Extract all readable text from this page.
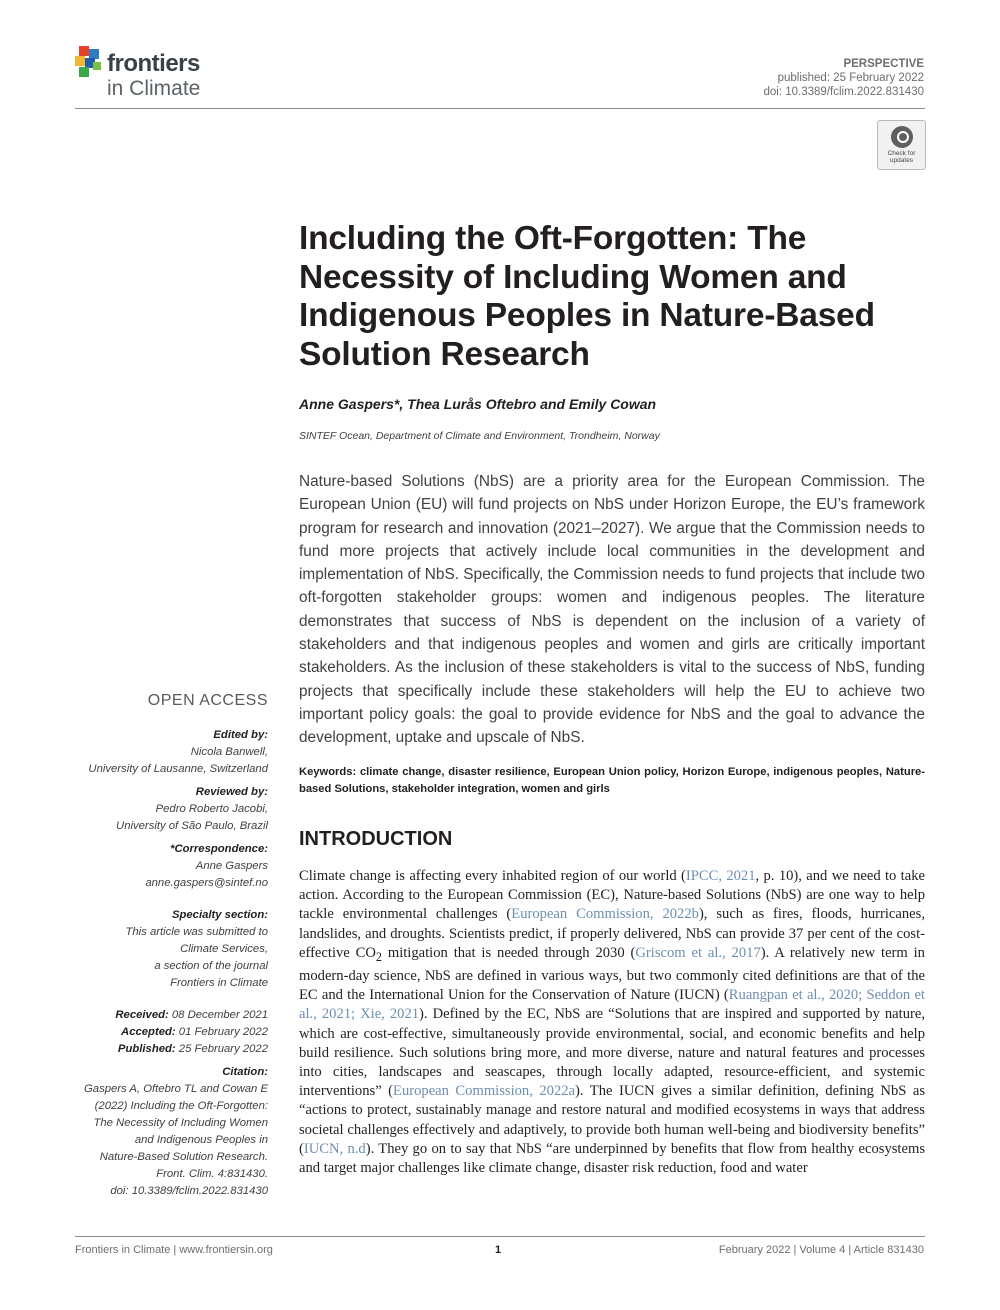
frontiers
in Climate
PERSPECTIVE
published: 25 February 2022
doi: 10.3389/fclim.2022.831430
Check for updates
Including the Oft-Forgotten: The Necessity of Including Women and Indigenous Peoples in Nature-Based Solution Research
Anne Gaspers*, Thea Lurås Oftebro and Emily Cowan
SINTEF Ocean, Department of Climate and Environment, Trondheim, Norway

Nature-based Solutions (NbS) are a priority area for the European Commission. The European Union (EU) will fund projects on NbS under Horizon Europe, the EU’s framework program for research and innovation (2021–2027). We argue that the Commission needs to fund more projects that actively include local communities in the development and implementation of NbS. Specifically, the Commission needs to fund projects that include two oft-forgotten stakeholder groups: women and indigenous peoples. The literature demonstrates that success of NbS is dependent on the inclusion of a variety of stakeholders and that indigenous peoples and women and girls are critically important stakeholders. As the inclusion of these stakeholders is vital to the success of NbS, funding projects that specifically include these stakeholders will help the EU to achieve two important policy goals: the goal to provide evidence for NbS and the goal to advance the development, uptake and upscale of NbS.

Keywords: climate change, disaster resilience, European Union policy, Horizon Europe, indigenous peoples, Nature-based Solutions, stakeholder integration, women and girls

INTRODUCTION

Climate change is affecting every inhabited region of our world (IPCC, 2021, p. 10), and we need to take action. According to the European Commission (EC), Nature-based Solutions (NbS) are one way to help tackle environmental challenges (European Commission, 2022b), such as fires, floods, hurricanes, landslides, and droughts. Scientists predict, if properly delivered, NbS can provide 37 per cent of the cost-effective $CO_2$ mitigation that is needed through 2030 (Griscom et al., 2017). A relatively new term in modern-day science, NbS are defined in various ways, but two commonly cited definitions are that of the EC and the International Union for the Conservation of Nature (IUCN) (Ruangpan et al., 2020; Seddon et al., 2021; Xie, 2021). Defined by the EC, NbS are “Solutions that are inspired and supported by nature, which are cost-effective, simultaneously provide environmental, social, and economic benefits and help build resilience. Such solutions bring more, and more diverse, nature and natural features and processes into cities, landscapes and seascapes, through locally adapted, resource-efficient, and systemic interventions” (European Commission, 2022a). The IUCN gives a similar definition, defining NbS as “actions to protect, sustainably manage and restore natural and modified ecosystems in ways that address societal challenges effectively and adaptively, to provide both human well-being and biodiversity benefits” (IUCN, n.d). They go on to say that NbS “are underpinned by benefits that flow from healthy ecosystems and target major challenges like climate change, disaster risk reduction, food and water

OPEN ACCESS
Edited by:
Nicola Banwell,
University of Lausanne, Switzerland
Reviewed by:
Pedro Roberto Jacobi,
University of São Paulo, Brazil
*Correspondence:
Anne Gaspers
anne.gaspers@sintef.no
Specialty section:
This article was submitted to
Climate Services,
a section of the journal
Frontiers in Climate
Received: 08 December 2021
Accepted: 01 February 2022
Published: 25 February 2022
Citation:
Gaspers A, Oftebro TL and Cowan E
(2022) Including the Oft-Forgotten:
The Necessity of Including Women
and Indigenous Peoples in
Nature-Based Solution Research.
Front. Clim. 4:831430.
doi: 10.3389/fclim.2022.831430
Frontiers in Climate | www.frontiersin.org	1	February 2022 | Volume 4 | Article 831430
